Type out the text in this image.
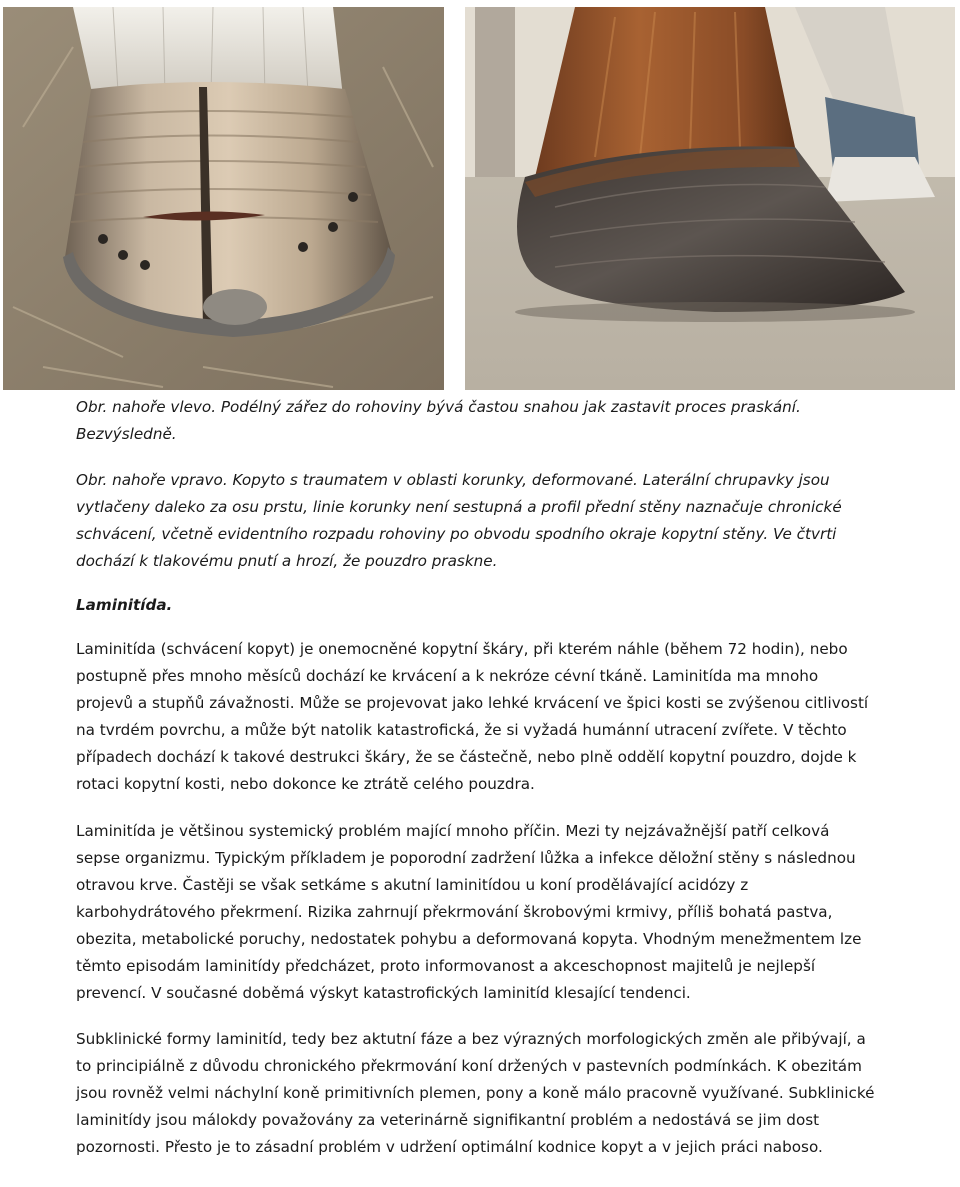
Obr. nahoře vlevo. Podélný zářez do rohoviny bývá častou snahou jak zastavit proces praskání. Bezvýsledně.

Obr. nahoře vpravo. Kopyto s traumatem v oblasti korunky, deformované. Laterální chrupavky jsou vytlačeny daleko za osu prstu, linie korunky není sestupná a profil přední stěny naznačuje chronické schvácení, včetně evidentního rozpadu rohoviny po obvodu spodního okraje kopytní stěny. Ve čtvrti dochází k tlakovému pnutí a hrozí, že pouzdro praskne.

Laminitída.

Laminitída (schvácení kopyt) je onemocněné kopytní škáry, při kterém náhle (během 72 hodin), nebo postupně přes mnoho měsíců dochází ke krvácení a k nekróze cévní tkáně. Laminitída ma mnoho projevů a stupňů závažnosti. Může se projevovat jako lehké krvácení ve špici kosti se zvýšenou citlivostí na tvrdém povrchu, a může být natolik katastrofická, že si vyžadá humánní utracení zvířete. V těchto případech dochází k takové destrukci škáry, že se částečně, nebo plně oddělí kopytní pouzdro, dojde k rotaci kopytní kosti, nebo dokonce ke ztrátě celého pouzdra.

Laminitída je většinou systemický problém mající mnoho příčin. Mezi ty nejzávažnější patří celková sepse organizmu. Typickým příkladem je poporodní zadržení lůžka a infekce děložní stěny s následnou otravou krve. Častěji se však setkáme s akutní laminitídou u koní prodělávající acidózy z karbohydrátového překrmení. Rizika zahrnují překrmování škrobovými krmivy, příliš bohatá pastva, obezita, metabolické poruchy, nedostatek pohybu a deformovaná kopyta. Vhodným menežmentem lze těmto episodám laminitídy předcházet, proto informovanost a akceschopnost majitelů je nejlepší prevencí. V současné doběmá výskyt katastrofických laminitíd klesající tendenci.

Subklinické formy laminitíd, tedy bez aktutní fáze a bez výrazných morfologických změn ale přibývají, a to principiálně z důvodu chronického překrmování koní držených v pastevních podmínkách. K obezitám jsou rovněž velmi náchylní koně primitivních plemen, pony a koně málo pracovně využívané. Subklinické laminitídy jsou málokdy považovány za veterinárně signifikantní problém a nedostává se jim dost pozornosti. Přesto je to zásadní problém v udržení optimální kodnice kopyt a v jejich práci naboso.
